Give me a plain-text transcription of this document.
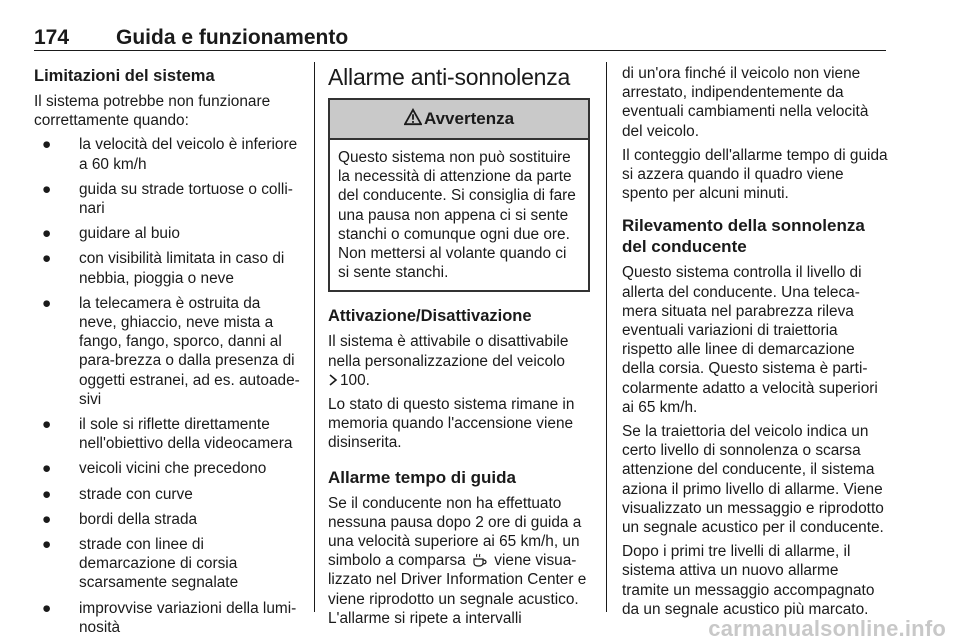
174 Guida e funzionamento
Limitazioni del sistema

Il sistema potrebbe non funzionare correttamente quando:

● la velocità del veicolo è inferiore a 60 km/h
● guida su strade tortuose o colli-nari
● guidare al buio
● con visibilità limitata in caso di nebbia, pioggia o neve
● la telecamera è ostruita da neve, ghiaccio, neve mista a fango, fango, sporco, danni al para-brezza o dalla presenza di oggetti estranei, ad es. autoade-sivi
● il sole si riflette direttamente nell'obiettivo della videocamera
● veicoli vicini che precedono
● strade con curve
● bordi della strada
● strade con linee di demarcazione di corsia scarsamente segnalate
● improvvise variazioni della lumi-nosità
Allarme anti-sonnolenza
Avvertenza
Questo sistema non può sostituire la necessità di attenzione da parte del conducente. Si consiglia di fare una pausa non appena ci si sente stanchi o comunque ogni due ore. Non mettersi al volante quando ci si sente stanchi.
Attivazione/Disattivazione

Il sistema è attivabile o disattivabile nella personalizzazione del veicolo
100.

Lo stato di questo sistema rimane in memoria quando l'accensione viene disinserita.

Allarme tempo di guida

Se il conducente non ha effettuato nessuna pausa dopo 2 ore di guida a una velocità superiore ai 65 km/h, un simbolo a comparsa viene visua-lizzato nel Driver Information Center e viene riprodotto un segnale acustico. L'allarme si ripete a intervalli

di un'ora finché il veicolo non viene arrestato, indipendentemente da eventuali cambiamenti nella velocità del veicolo.

Il conteggio dell'allarme tempo di guida si azzera quando il quadro viene spento per alcuni minuti.

Rilevamento della sonnolenza del conducente

Questo sistema controlla il livello di allerta del conducente. Una teleca-mera situata nel parabrezza rileva eventuali variazioni di traiettoria rispetto alle linee di demarcazione della corsia. Questo sistema è parti-colarmente adatto a velocità superiori ai 65 km/h.

Se la traiettoria del veicolo indica un certo livello di sonnolenza o scarsa attenzione del conducente, il sistema aziona il primo livello di allarme. Viene visualizzato un messaggio e riprodotto un segnale acustico per il conducente.

Dopo i primi tre livelli di allarme, il sistema attiva un nuovo allarme tramite un messaggio accompagnato da un segnale acustico più marcato.

carmanualsonline.info
